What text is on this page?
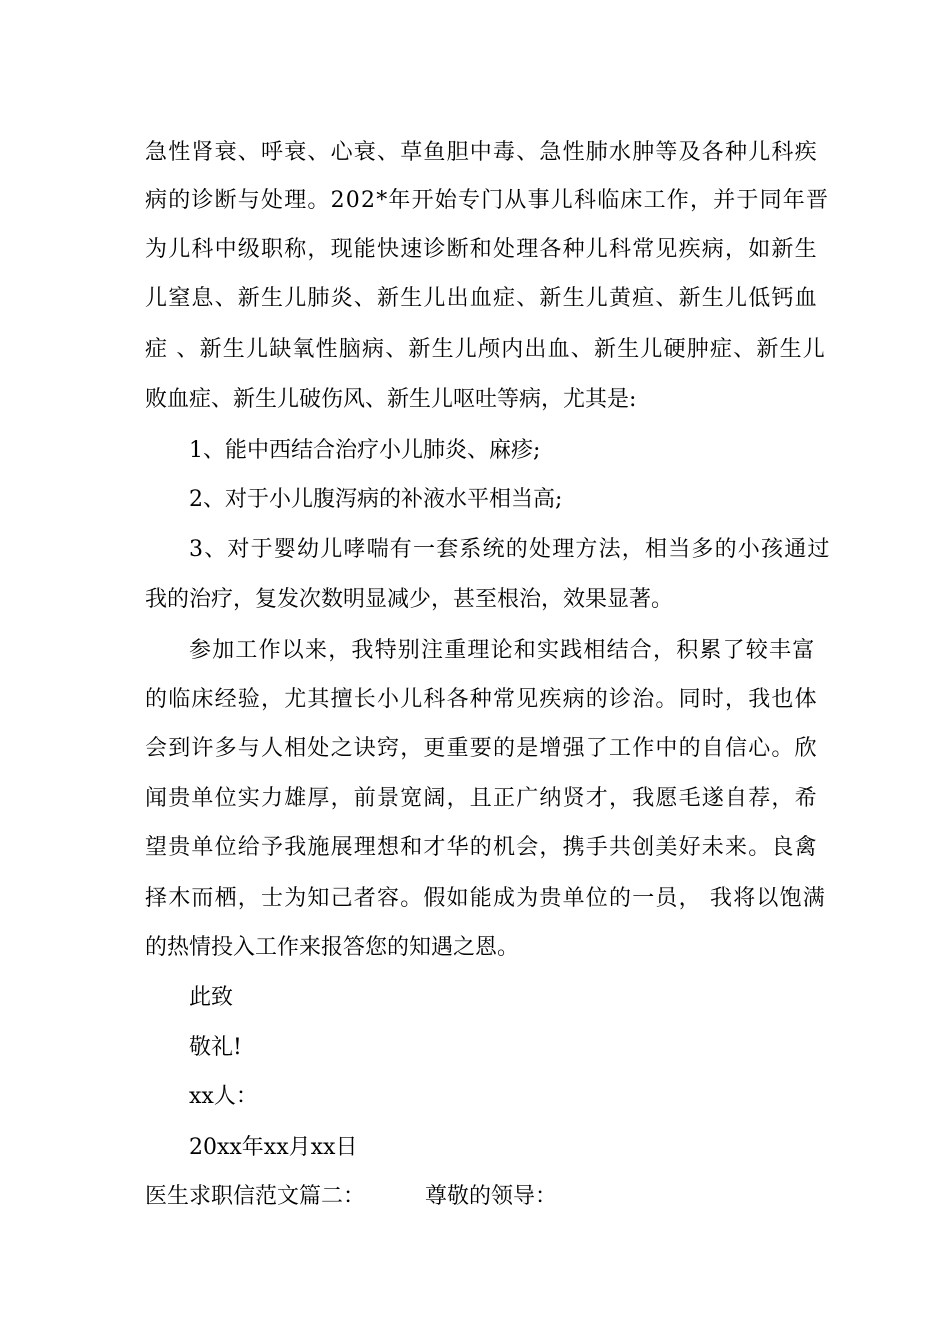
急性肾衰、呼衰、心衰、草鱼胆中毒、急性肺水肿等及各种儿科疾
病的诊断与处理。202*年开始专门从事儿科临床工作，并于同年晋
为儿科中级职称，现能快速诊断和处理各种儿科常见疾病，如新生
儿窒息、新生儿肺炎、新生儿出血症、新生儿黄疸、新生儿低钙血
症 、新生儿缺氧性脑病、新生儿颅内出血、新生儿硬肿症、新生儿
败血症、新生儿破伤风、新生儿呕吐等病，尤其是:
1、能中西结合治疗小儿肺炎、麻疹;
2、对于小儿腹泻病的补液水平相当高;
3、对于婴幼儿哮喘有一套系统的处理方法，相当多的小孩通过
我的治疗，复发次数明显减少，甚至根治，效果显著。
参加工作以来，我特别注重理论和实践相结合，积累了较丰富
的临床经验，尤其擅长小儿科各种常见疾病的诊治。同时，我也体
会到许多与人相处之诀窍，更重要的是增强了工作中的自信心。欣
闻贵单位实力雄厚，前景宽阔，且正广纳贤才，我愿毛遂自荐，希
望贵单位给予我施展理想和才华的机会，携手共创美好未来。良禽
择木而栖，士为知己者容。假如能成为贵单位的一员， 我将以饱满
的热情投入工作来报答您的知遇之恩。
此致
敬礼!
xx人：
20xx年xx月xx日
医生求职信范文篇二：	尊敬的领导：
